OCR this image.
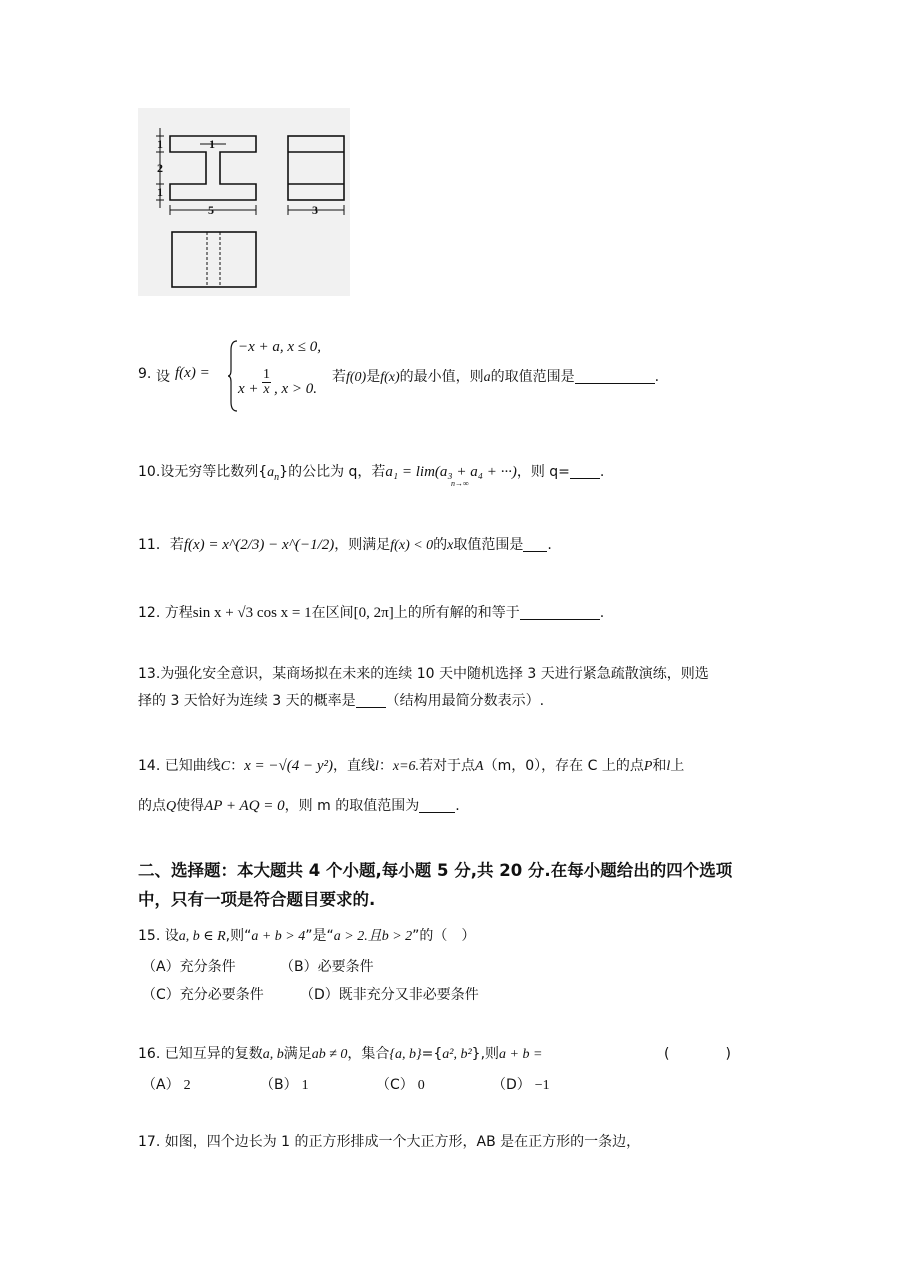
1
2
1
1
5	3
9. 设 f(x) =
−x + a, x ≤ 0,
$x + \frac{1}{x}$ , x > 0.
若f(0)是f(x)的最小值，则a的取值范围是	.
10.设无穷等比数列$\{a_n\}$的公比为 q，若a₁ = lim(a₃ + a₄ + ···)，则 q= .
n→∞
11．若f(x) = x^(2/3) − x^(−1/2)，则满足f(x) < 0的x取值范围是 .
12. 方程sin x + √3 cos x = 1在区间[0, 2π]上的所有解的和等于	.
13.为强化安全意识，某商场拟在未来的连续 10 天中随机选择 3 天进行紧急疏散演练，则选
择的 3 天恰好为连续 3 天的概率是 （结构用最简分数表示）.
14. 已知曲线C：x = −√(4 − y²)，直线l：x=6.若对于点A（m，0），存在 C 上的点P和l上
的点Q使得AP + AQ = 0，则 m 的取值范围为	.
二、选择题：本大题共 4 个小题,每小题 5 分,共 20 分.在每小题给出的四个选项
中，只有一项是符合题目要求的.
15. 设a, b ∈ R,则“a + b > 4”是“a > 2.且b > 2”的（　）
（A）充分条件	（B）必要条件
（C）充分必要条件	（D）既非充分又非必要条件
16. 已知互异的复数a, b满足ab ≠ 0，集合{a, b}={a², b²},则a + b =	(　　　　)
（A） 2	（B） 1	（C） 0	（D） −1
17. 如图，四个边长为 1 的正方形排成一个大正方形，AB 是在正方形的一条边，
